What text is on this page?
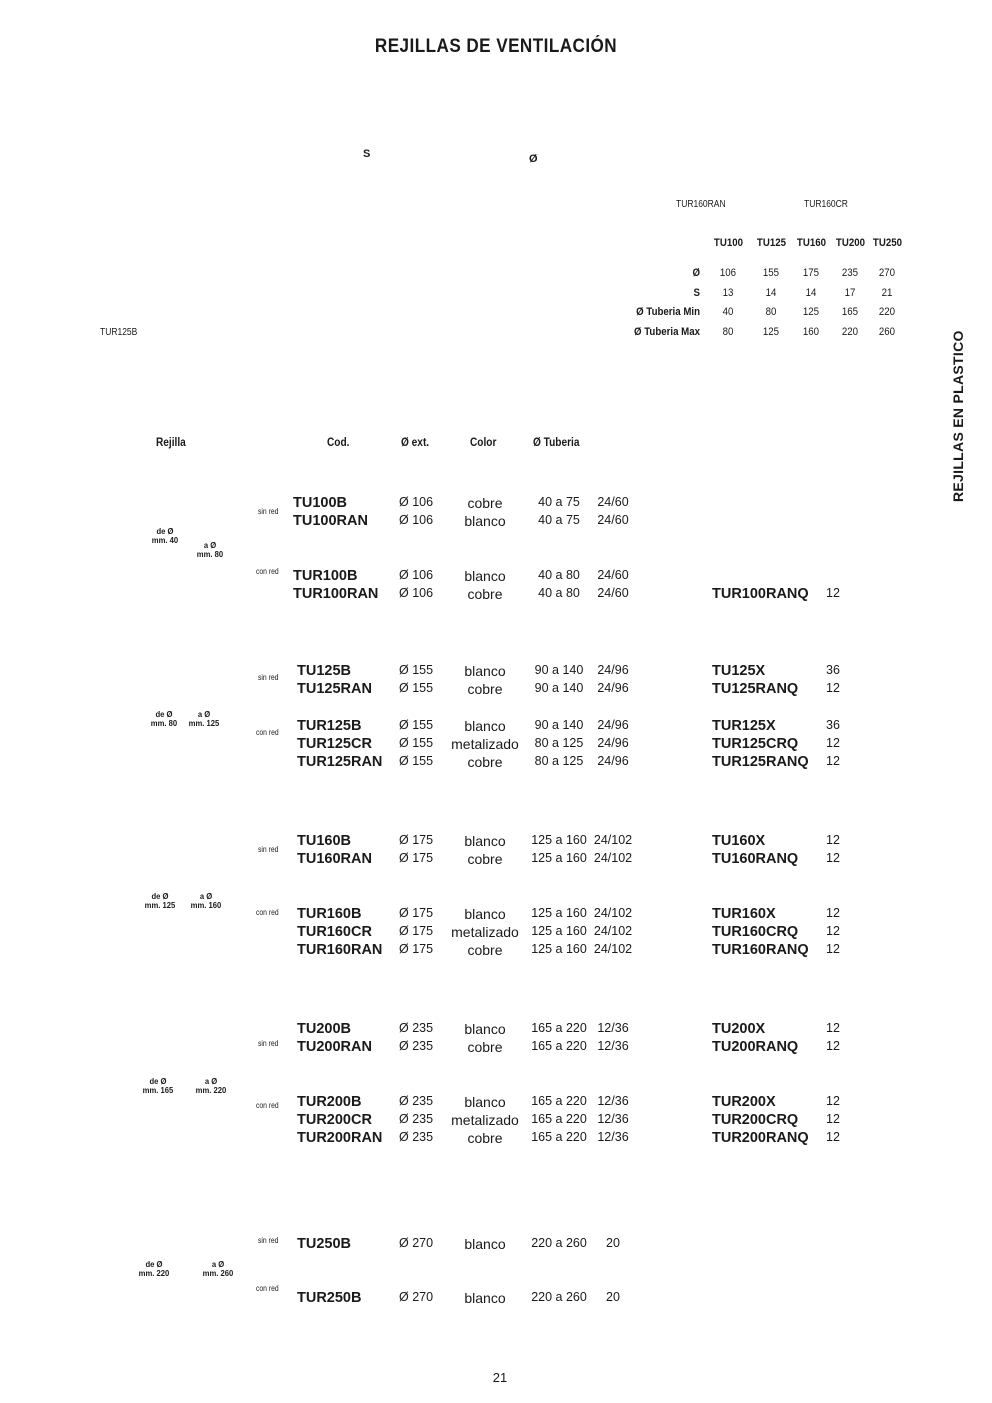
REJILLAS DE VENTILACIÓN
S	Ø
TUR160RAN	TUR160CR
TUR125B
TU100 TU125 TU160 TU200 TU250
Ø	106	155	175	235	270
S	13	14	14	17	21
Ø Tuberia Min	40	80	125	165	220
Ø Tuberia Max	80	125	160	220	260	REJILLAS EN PLASTICO
Rejilla	Cod.	Ø ext.	Color	Ø Tuberia
de Ø
mm. 40	a Ø
mm. 80
sin red
con red
TU100B	Ø 106	cobre	40 a 75	24/60
TU100RAN Ø 106	blanco	40 a 75	24/60
TUR100B	Ø 106	blanco	40 a 80	24/60
TUR100RAN Ø 106	cobre	40 a 80	24/60	TUR100RANQ 12
de Ø
mm. 80
a Ø
mm. 125
sin red
con red
TU125B	Ø 155	blanco	90 a 140	24/96	TU125X	36
TU125RAN Ø 155	cobre	90 a 140	24/96	TU125RANQ 12
TUR125B	Ø 155	blanco	90 a 140	24/96	TUR125X	36
TUR125CR Ø 155	metalizado	80 a 125	24/96	TUR125CRQ 12
TUR125RAN Ø 155	cobre	80 a 125	24/96	TUR125RANQ 12
de Ø
mm. 125
a Ø
mm. 160
sin red
con red
TU160B	Ø 175	blanco	125 a 160 24/102	TU160X	12
TU160RAN Ø 175	cobre	125 a 160 24/102	TU160RANQ 12
TUR160B	Ø 175	blanco	125 a 160 24/102	TUR160X	12
TUR160CR Ø 175	metalizado 125 a 160 24/102	TUR160CRQ 12
TUR160RAN Ø 175	cobre	125 a 160 24/102	TUR160RANQ 12
de Ø
mm. 165
a Ø
mm. 220
sin red
con red
TU200B	Ø 235	blanco	165 a 220 12/36	TU200X	12
TU200RAN Ø 235	cobre	165 a 220 12/36	TU200RANQ 12
TUR200B	Ø 235	blanco	165 a 220 12/36	TUR200X	12
TUR200CR Ø 235	metalizado 165 a 220 12/36	TUR200CRQ 12
TUR200RAN Ø 235	cobre	165 a 220 12/36	TUR200RANQ 12
de Ø
mm. 220
a Ø
mm. 260
sin red
con red
TU250B	Ø 270	blanco	220 a 260	20
TUR250B	Ø 270	blanco	220 a 260	20
21
